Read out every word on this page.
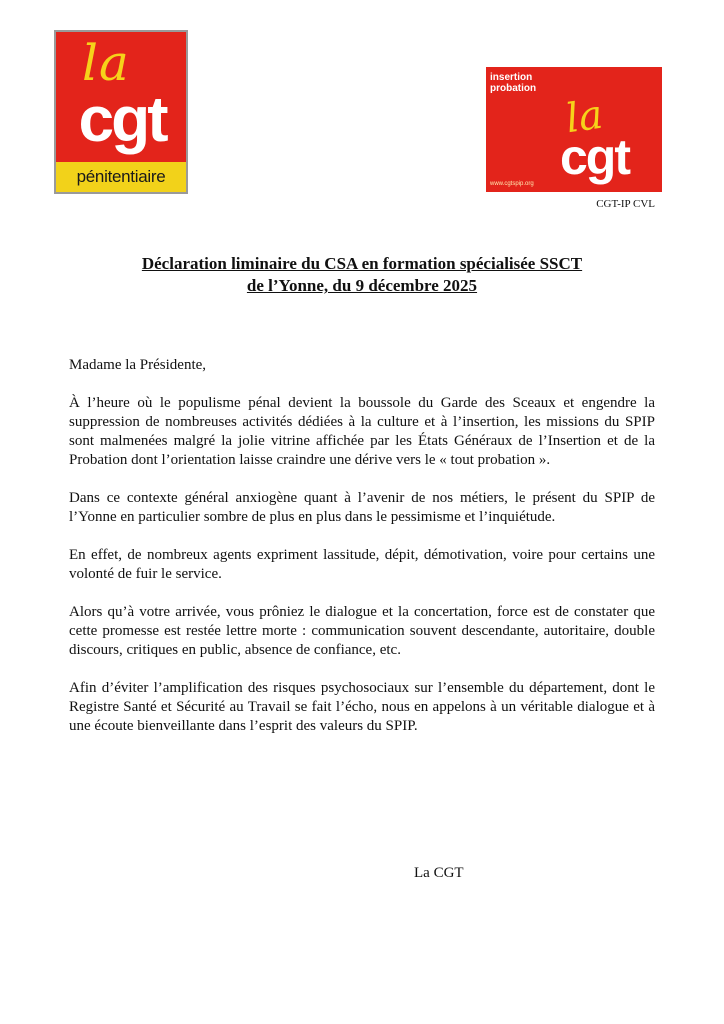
la
cgt
pénitentiaire
insertion
probation
la
cgt
www.cgtspip.org
CGT-IP CVL
Déclaration liminaire du CSA en formation spécialisée SSCT
de l’Yonne, du 9 décembre 2025

Madame la Présidente,

À l’heure où le populisme pénal devient la boussole du Garde des Sceaux et engendre la suppression de nombreuses activités dédiées à la culture et à l’insertion, les missions du SPIP sont malmenées malgré la jolie vitrine affichée par les États Généraux de l’Insertion et de la Probation dont l’orientation laisse craindre une dérive vers le « tout probation ».

Dans ce contexte général anxiogène quant à l’avenir de nos métiers, le présent du SPIP de l’Yonne en particulier sombre de plus en plus dans le pessimisme et l’inquiétude.

En effet, de nombreux agents expriment lassitude, dépit, démotivation, voire pour certains une volonté de fuir le service.

Alors qu’à votre arrivée, vous prôniez le dialogue et la concertation, force est de constater que cette promesse est restée lettre morte : communication souvent descendante, autoritaire, double discours, critiques en public, absence de confiance, etc.

Afin d’éviter l’amplification des risques psychosociaux sur l’ensemble du département, dont le Registre Santé et Sécurité au Travail se fait l’écho, nous en appelons à un véritable dialogue et à une écoute bienveillante dans l’esprit des valeurs du SPIP.

La CGT
